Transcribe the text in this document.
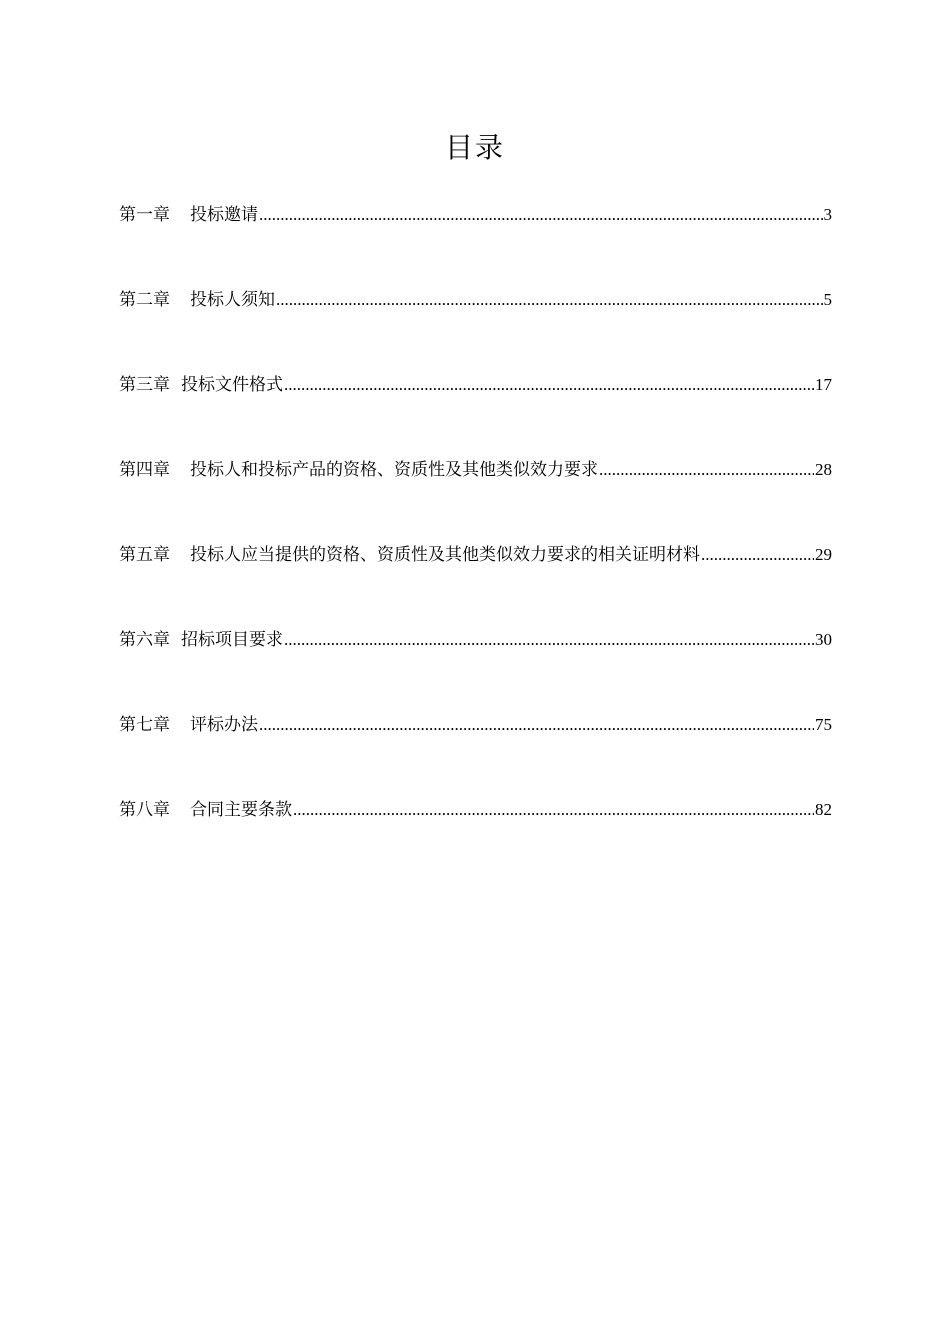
目录
第一章 投标邀请 .....	3
第二章 投标人须知 .....	5
第三章 投标文件格式 .....	17
第四章 投标人和投标产品的资格、资质性及其他类似效力要求 .....	28
第五章 投标人应当提供的资格、资质性及其他类似效力要求的相关证明材料 .....	29
第六章 招标项目要求 .....	30
第七章 评标办法 .....	75
第八章 合同主要条款 .....	82
